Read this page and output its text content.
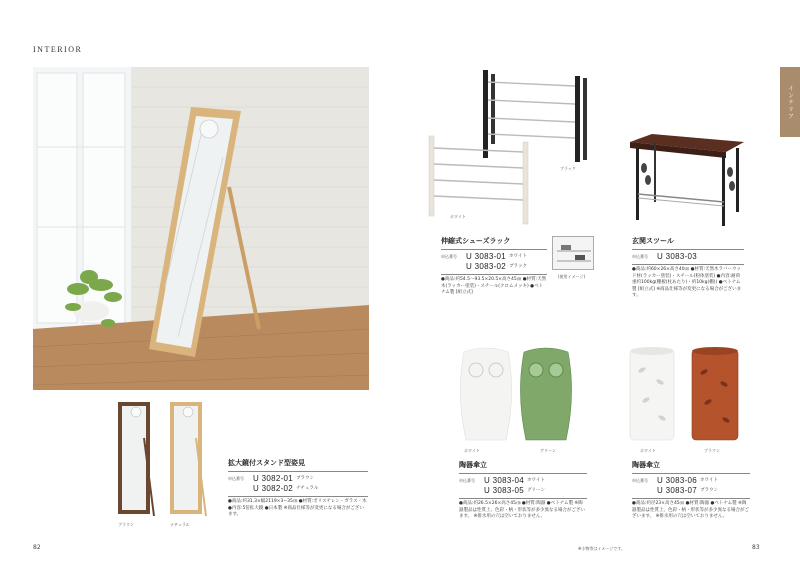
INTERIOR
ブラウン	ナチュラル
拡大鏡付スタンド型姿見
申込番号	U 3082-01 ブラウン
U 3082-02 ナチュラル
●商品:約31.3×幅2119×3−35㎝ ●材質:ポリスチレン・ガラス・木 ●内容:5倍拡大鏡 ●日本製 ※商品仕様等が変更になる場合がございます。
インテリア
ブラック
ホワイト
(使用イメージ)
伸縮式シューズラック
申込番号	U 3083-01 ホワイト
U 3083-02 ブラック
●商品:約54.5〜93.5×20.5×高さ45㎝ ●材質:天然木(ラッカー塗装)・スチール(クロムメッキ) ●ベトナム製 [組立式]
玄関スツール
申込番号	U 3083-03
●商品:約60×26×高さ40㎝ ●材質:天然木ラバーウッド材(ラッカー塗装)・スチール(粉体塗装) ●内容:耐荷重約100kg(棚板(柱あたり)・約10kg(棚)) ●ベトナム製 [組立式] ※商品仕様等が変更になる場合がございます。
ホワイト	グリーン
陶器傘立
申込番号	U 3083-04 ホワイト
U 3083-05 グリーン
●商品:約26.5×26×高さ45㎝ ●材質:陶器 ●ベトナム製 ※陶器製品は性質上、色彩・柄・形状等が多少異なる場合がございます。 ※排水用の穴は空いておりません。
ホワイト	ブラウン
陶器傘立
申込番号	U 3083-06 ホワイト
U 3083-07 ブラウン
●商品:約径23×高さ45㎝ ●材質:陶器 ●ベトナム製 ※陶器製品は性質上、色彩・柄・形状等が多少異なる場合がございます。 ※排水用の穴は空いておりません。
82	※小物等はイメージです。	83
